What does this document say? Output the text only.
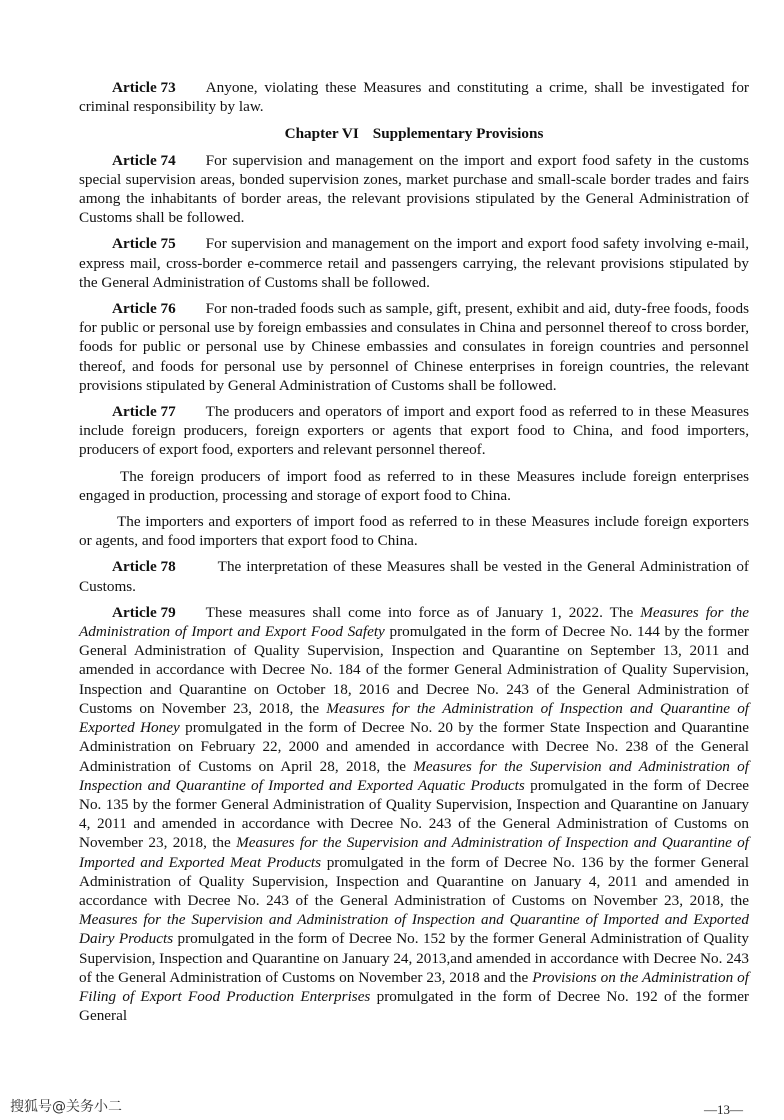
Article 73 Anyone, violating these Measures and constituting a crime, shall be investigated for criminal responsibility by law.

Chapter VI Supplementary Provisions

Article 74 For supervision and management on the import and export food safety in the customs special supervision areas, bonded supervision zones, market purchase and small-scale border trades and fairs among the inhabitants of border areas, the relevant provisions stipulated by the General Administration of Customs shall be followed.

Article 75 For supervision and management on the import and export food safety involving e-mail, express mail, cross-border e-commerce retail and passengers carrying, the relevant provisions stipulated by the General Administration of Customs shall be followed.

Article 76 For non-traded foods such as sample, gift, present, exhibit and aid, duty-free foods, foods for public or personal use by foreign embassies and consulates in China and personnel thereof to cross border, foods for public or personal use by Chinese embassies and consulates in foreign countries and personnel thereof, and foods for personal use by personnel of Chinese enterprises in foreign countries, the relevant provisions stipulated by General Administration of Customs shall be followed.

Article 77 The producers and operators of import and export food as referred to in these Measures include foreign producers, foreign exporters or agents that export food to China, and food importers, producers of export food, exporters and relevant personnel thereof.

The foreign producers of import food as referred to in these Measures include foreign enterprises engaged in production, processing and storage of export food to China.

The importers and exporters of import food as referred to in these Measures include foreign exporters or agents, and food importers that export food to China.

Article 78	The interpretation of these Measures shall be vested in the General Administration of Customs.

Article 79 These measures shall come into force as of January 1, 2022. The Measures for the Administration of Import and Export Food Safety promulgated in the form of Decree No. 144 by the former General Administration of Quality Supervision, Inspection and Quarantine on September 13, 2011 and amended in accordance with Decree No. 184 of the former General Administration of Quality Supervision, Inspection and Quarantine on October 18, 2016 and Decree No. 243 of the General Administration of Customs on November 23, 2018, the Measures for the Administration of Inspection and Quarantine of Exported Honey promulgated in the form of Decree No. 20 by the former State Inspection and Quarantine Administration on February 22, 2000 and amended in accordance with Decree No. 238 of the General Administration of Customs on April 28, 2018, the Measures for the Supervision and Administration of Inspection and Quarantine of Imported and Exported Aquatic Products promulgated in the form of Decree No. 135 by the former General Administration of Quality Supervision, Inspection and Quarantine on January 4, 2011 and amended in accordance with Decree No. 243 of the General Administration of Customs on November 23, 2018, the Measures for the Supervision and Administration of Inspection and Quarantine of Imported and Exported Meat Products promulgated in the form of Decree No. 136 by the former General Administration of Quality Supervision, Inspection and Quarantine on January 4, 2011 and amended in accordance with Decree No. 243 of the General Administration of Customs on November 23, 2018, the Measures for the Supervision and Administration of Inspection and Quarantine of Imported and Exported Dairy Products promulgated in the form of Decree No. 152 by the former General Administration of Quality Supervision, Inspection and Quarantine on January 24, 2013,and amended in accordance with Decree No. 243 of the General Administration of Customs on November 23, 2018 and the Provisions on the Administration of Filing of Export Food Production Enterprises promulgated in the form of Decree No. 192 of the former General

搜狐号@关务小二	—13—
